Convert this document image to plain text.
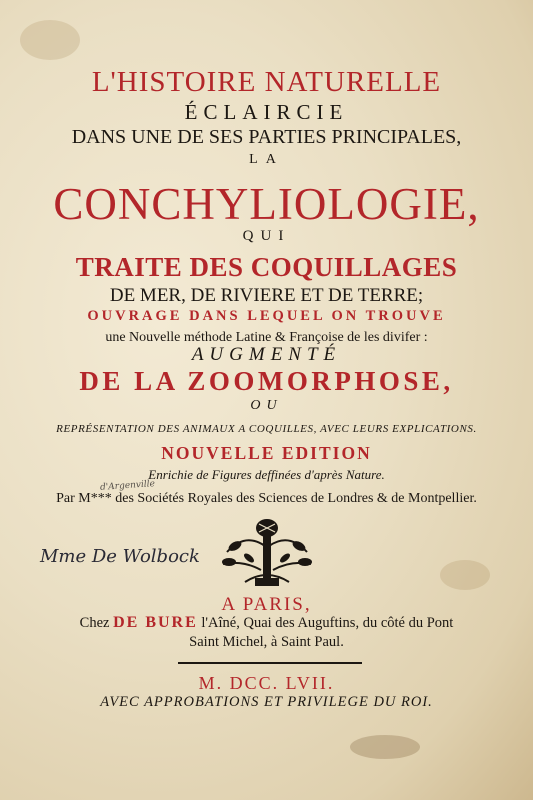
L'HISTOIRE NATURELLE
ÉCLAIRCIE
DANS UNE DE SES PARTIES PRINCIPALES,
LA
CONCHYLIOLOGIE,
QUI
TRAITE DES COQUILLAGES
DE MER, DE RIVIERE ET DE TERRE;
OUVRAGE DANS LEQUEL ON TROUVE
une Nouvelle méthode Latine & Françoise de les divifer :
AUGMENTÉ
DE LA ZOOMORPHOSE,
OU
REPRÉSENTATION DES ANIMAUX A COQUILLES, AVEC LEURS EXPLICATIONS.
NOUVELLE EDITION
Enrichie de Figures deffinées d'après Nature.
Par M*** des Sociétés Royales des Sciences de Londres & de Montpellier.
d'Argenville
Mme De Wolbock
A PARIS,
Chez DE BURE l'Aîné, Quai des Auguftins, du côté du Pont
Saint Michel, à Saint Paul.
M. DCC. LVII.
AVEC APPROBATIONS ET PRIVILEGE DU ROI.
